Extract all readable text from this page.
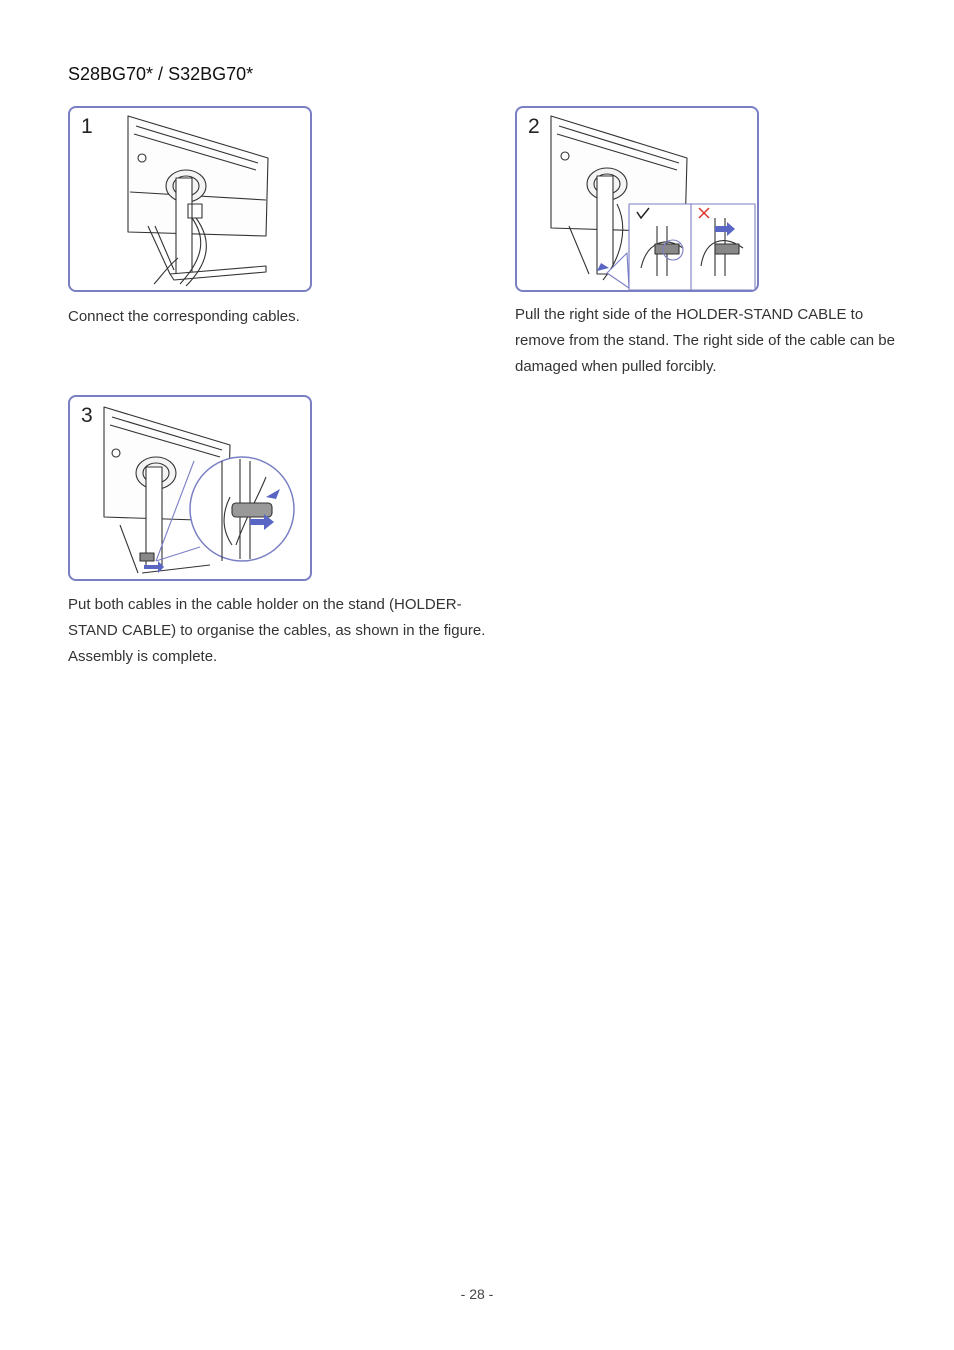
S28BG70* / S32BG70*
1

Connect the corresponding cables.

2

Pull the right side of the HOLDER-STAND CABLE to remove from the stand. The right side of the cable can be damaged when pulled forcibly.

3

Put both cables in the cable holder on the stand (HOLDER-STAND CABLE) to organise the cables, as shown in the figure. Assembly is complete.

- 28 -
